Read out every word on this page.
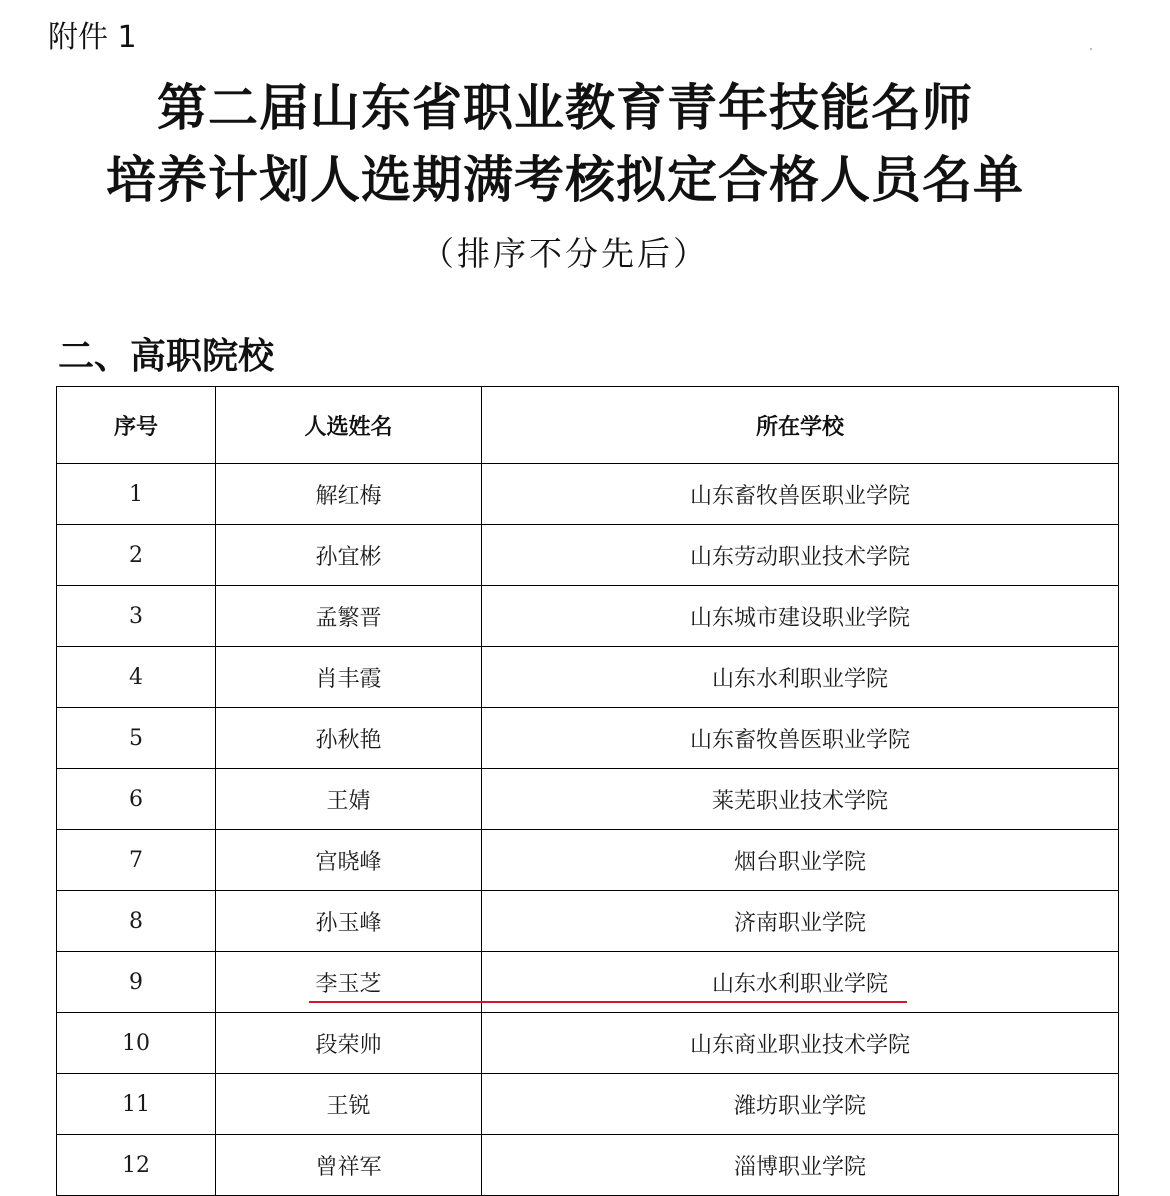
附件 1
第二届山东省职业教育青年技能名师
培养计划人选期满考核拟定合格人员名单
（排序不分先后）
二、高职院校
序号	人选姓名	所在学校
1	解红梅	山东畜牧兽医职业学院
2	孙宜彬	山东劳动职业技术学院
3	孟繁晋	山东城市建设职业学院
4	肖丰霞	山东水利职业学院
5	孙秋艳	山东畜牧兽医职业学院
6	王婧	莱芜职业技术学院
7	宫晓峰	烟台职业学院
8	孙玉峰	济南职业学院
9	李玉芝	山东水利职业学院
10	段荣帅	山东商业职业技术学院
11	王锐	潍坊职业学院
12	曾祥军	淄博职业学院
